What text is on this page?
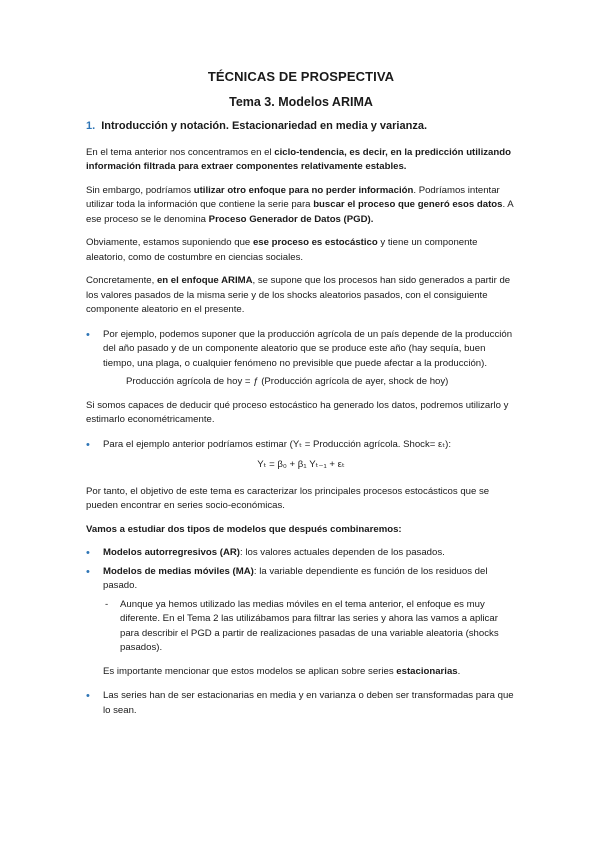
TÉCNICAS DE PROSPECTIVA
Tema 3. Modelos ARIMA
1. Introducción y notación. Estacionariedad en media y varianza.

En el tema anterior nos concentramos en el ciclo-tendencia, es decir, en la predicción utilizando información filtrada para extraer componentes relativamente estables.

Sin embargo, podríamos utilizar otro enfoque para no perder información. Podríamos intentar utilizar toda la información que contiene la serie para buscar el proceso que generó esos datos. A ese proceso se le denomina Proceso Generador de Datos (PGD).

Obviamente, estamos suponiendo que ese proceso es estocástico y tiene un componente aleatorio, como de costumbre en ciencias sociales.

Concretamente, en el enfoque ARIMA, se supone que los procesos han sido generados a partir de los valores pasados de la misma serie y de los shocks aleatorios pasados, con el consiguiente componente aleatorio en el presente.

• Por ejemplo, podemos suponer que la producción agrícola de un país depende de la producción del año pasado y de un componente aleatorio que se produce este año (hay sequía, buen tiempo, una plaga, o cualquier fenómeno no previsible que puede afectar a la producción).
Producción agrícola de hoy = ƒ (Producción agrícola de ayer, shock de hoy)

Si somos capaces de deducir qué proceso estocástico ha generado los datos, podremos utilizarlo y estimarlo econométricamente.

• Para el ejemplo anterior podríamos estimar (Yₜ = Producción agrícola. Shock= εₜ):
Yₜ = β₀ + β₁ Yₜ₋₁ + εₜ

Por tanto, el objetivo de este tema es caracterizar los principales procesos estocásticos que se pueden encontrar en series socio-económicas.

Vamos a estudiar dos tipos de modelos que después combinaremos:

• Modelos autorregresivos (AR): los valores actuales dependen de los pasados.
• Modelos de medias móviles (MA): la variable dependiente es función de los residuos del pasado.
- Aunque ya hemos utilizado las medias móviles en el tema anterior, el enfoque es muy diferente. En el Tema 2 las utilizábamos para filtrar las series y ahora las vamos a aplicar para describir el PGD a partir de realizaciones pasadas de una variable aleatoria (shocks pasados).

Es importante mencionar que estos modelos se aplican sobre series estacionarias.

• Las series han de ser estacionarias en media y en varianza o deben ser transformadas para que lo sean.
